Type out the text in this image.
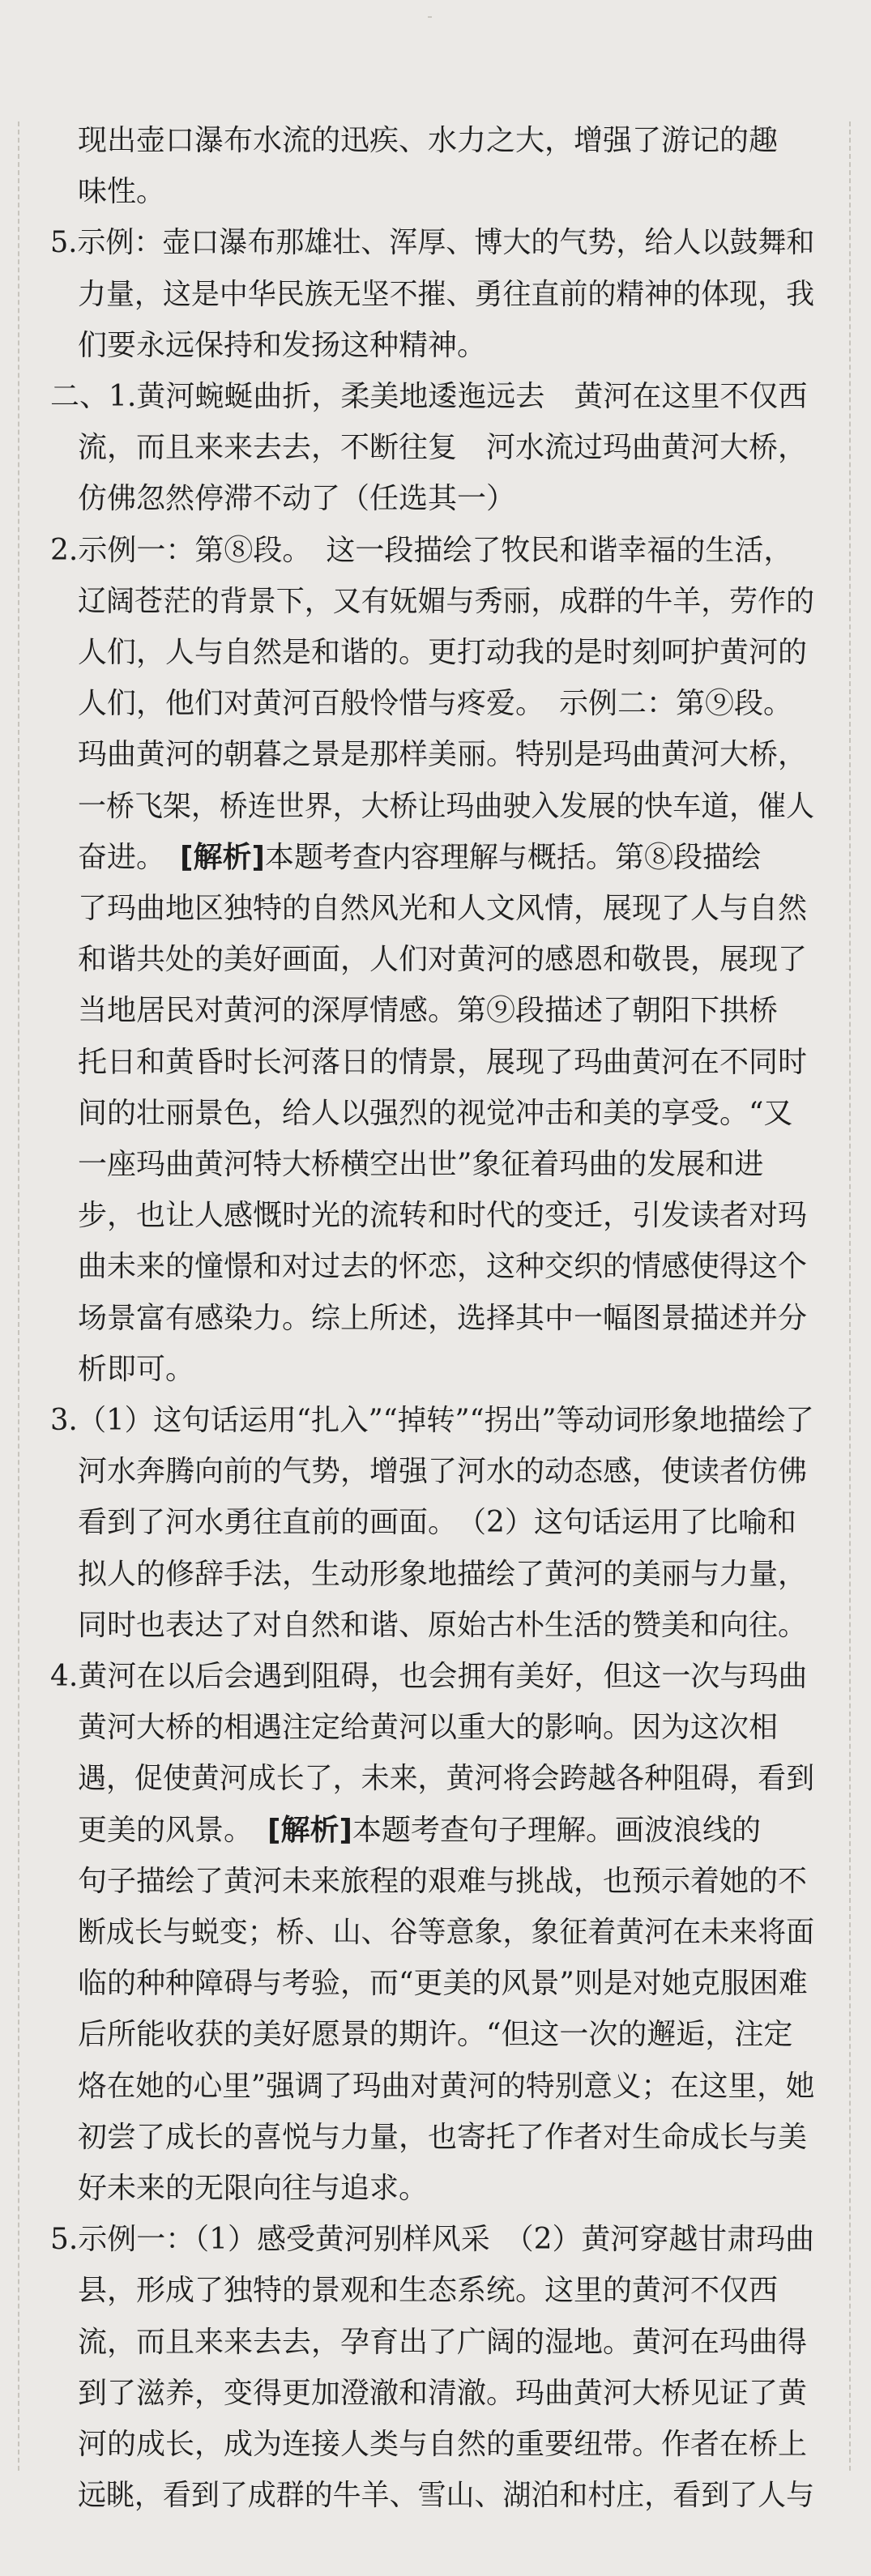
现出壶口瀑布水流的迅疾、水力之大，增强了游记的趣
味性。
5.示例：壶口瀑布那雄壮、浑厚、博大的气势，给人以鼓舞和
力量，这是中华民族无坚不摧、勇往直前的精神的体现，我
们要永远保持和发扬这种精神。
二、1.黄河蜿蜒曲折，柔美地逶迤远去　黄河在这里不仅西
流，而且来来去去，不断往复　河水流过玛曲黄河大桥，
仿佛忽然停滞不动了（任选其一）
2.示例一：第⑧段。　这一段描绘了牧民和谐幸福的生活，
辽阔苍茫的背景下，又有妩媚与秀丽，成群的牛羊，劳作的
人们，人与自然是和谐的。更打动我的是时刻呵护黄河的
人们，他们对黄河百般怜惜与疼爱。　示例二：第⑨段。
玛曲黄河的朝暮之景是那样美丽。特别是玛曲黄河大桥，
一桥飞架，桥连世界，大桥让玛曲驶入发展的快车道，催人
奋进。　[解析]本题考查内容理解与概括。第⑧段描绘
了玛曲地区独特的自然风光和人文风情，展现了人与自然
和谐共处的美好画面，人们对黄河的感恩和敬畏，展现了
当地居民对黄河的深厚情感。第⑨段描述了朝阳下拱桥
托日和黄昏时长河落日的情景，展现了玛曲黄河在不同时
间的壮丽景色，给人以强烈的视觉冲击和美的享受。“又
一座玛曲黄河特大桥横空出世”象征着玛曲的发展和进
步，也让人感慨时光的流转和时代的变迁，引发读者对玛
曲未来的憧憬和对过去的怀恋，这种交织的情感使得这个
场景富有感染力。综上所述，选择其中一幅图景描述并分
析即可。
3.（1）这句话运用“扎入”“掉转”“拐出”等动词形象地描绘了
河水奔腾向前的气势，增强了河水的动态感，使读者仿佛
看到了河水勇往直前的画面。　（2）这句话运用了比喻和
拟人的修辞手法，生动形象地描绘了黄河的美丽与力量，
同时也表达了对自然和谐、原始古朴生活的赞美和向往。
4.黄河在以后会遇到阻碍，也会拥有美好，但这一次与玛曲
黄河大桥的相遇注定给黄河以重大的影响。因为这次相
遇，促使黄河成长了，未来，黄河将会跨越各种阻碍，看到
更美的风景。　[解析]本题考查句子理解。画波浪线的
句子描绘了黄河未来旅程的艰难与挑战，也预示着她的不
断成长与蜕变；桥、山、谷等意象，象征着黄河在未来将面
临的种种障碍与考验，而“更美的风景”则是对她克服困难
后所能收获的美好愿景的期许。“但这一次的邂逅，注定
烙在她的心里”强调了玛曲对黄河的特别意义；在这里，她
初尝了成长的喜悦与力量，也寄托了作者对生命成长与美
好未来的无限向往与追求。
5.示例一：（1）感受黄河别样风采　（2）黄河穿越甘肃玛曲
县，形成了独特的景观和生态系统。这里的黄河不仅西
流，而且来来去去，孕育出了广阔的湿地。黄河在玛曲得
到了滋养，变得更加澄澈和清澈。玛曲黄河大桥见证了黄
河的成长，成为连接人类与自然的重要纽带。作者在桥上
远眺，看到了成群的牛羊、雪山、湖泊和村庄，看到了人与
